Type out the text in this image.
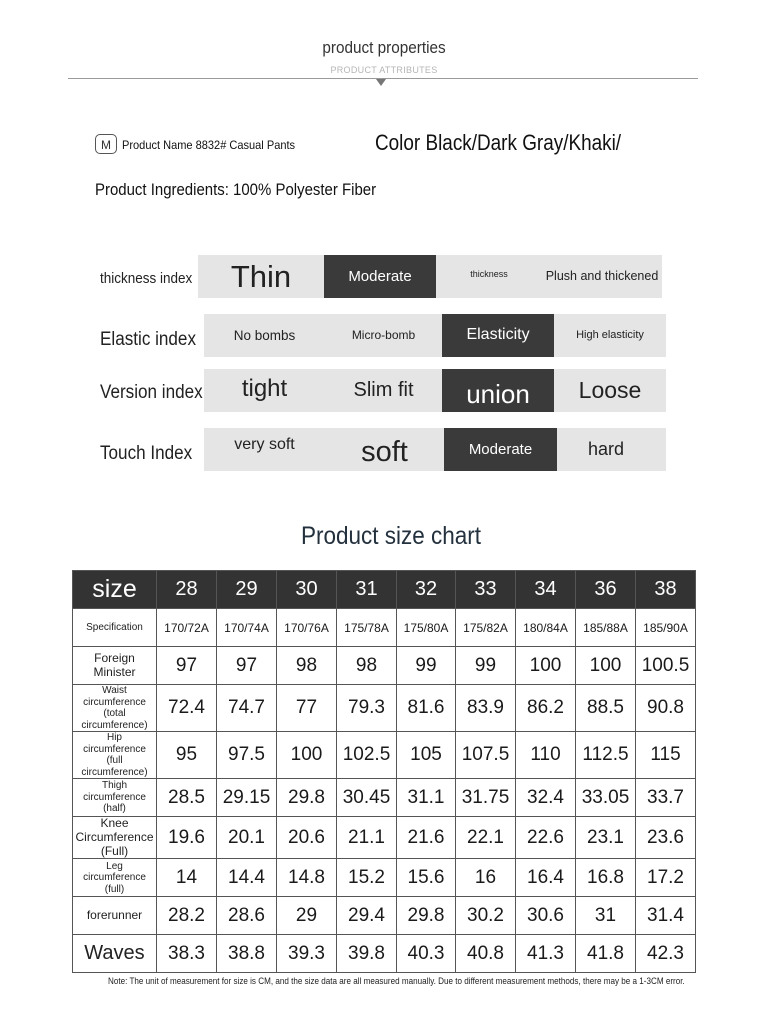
product properties
PRODUCT ATTRIBUTES
M Product Name 8832# Casual Pants	Color Black/Dark Gray/Khaki/
Product Ingredients: 100% Polyester Fiber
thickness index	Thin	Moderate	thickness	Plush and thickened
Elastic index	No bombs	Micro-bomb	Elasticity	High elasticity
Version index	tight	Slim fit	union	Loose
Touch Index	very soft	soft	Moderate	hard
Product size chart
size	28	29	30	31	32	33	34	36	38
Specification	170/72A	170/74A	170/76A	175/78A	175/80A	175/82A	180/84A	185/88A	185/90A
Foreign Minister	97	97	98	98	99	99	100	100	100.5
Waist circumference (total circumference)	72.4	74.7	77	79.3	81.6	83.9	86.2	88.5	90.8
Hip circumference (full circumference)	95	97.5	100	102.5	105	107.5	110	112.5	115
Thigh circumference (half)	28.5	29.15	29.8	30.45	31.1	31.75	32.4	33.05	33.7
Knee Circumference (Full)	19.6	20.1	20.6	21.1	21.6	22.1	22.6	23.1	23.6
Leg circumference (full)	14	14.4	14.8	15.2	15.6	16	16.4	16.8	17.2
forerunner	28.2	28.6	29	29.4	29.8	30.2	30.6	31	31.4
Waves	38.3	38.8	39.3	39.8	40.3	40.8	41.3	41.8	42.3
Note: The unit of measurement for size is CM, and the size data are all measured manually. Due to different measurement methods, there may be a 1-3CM error.
